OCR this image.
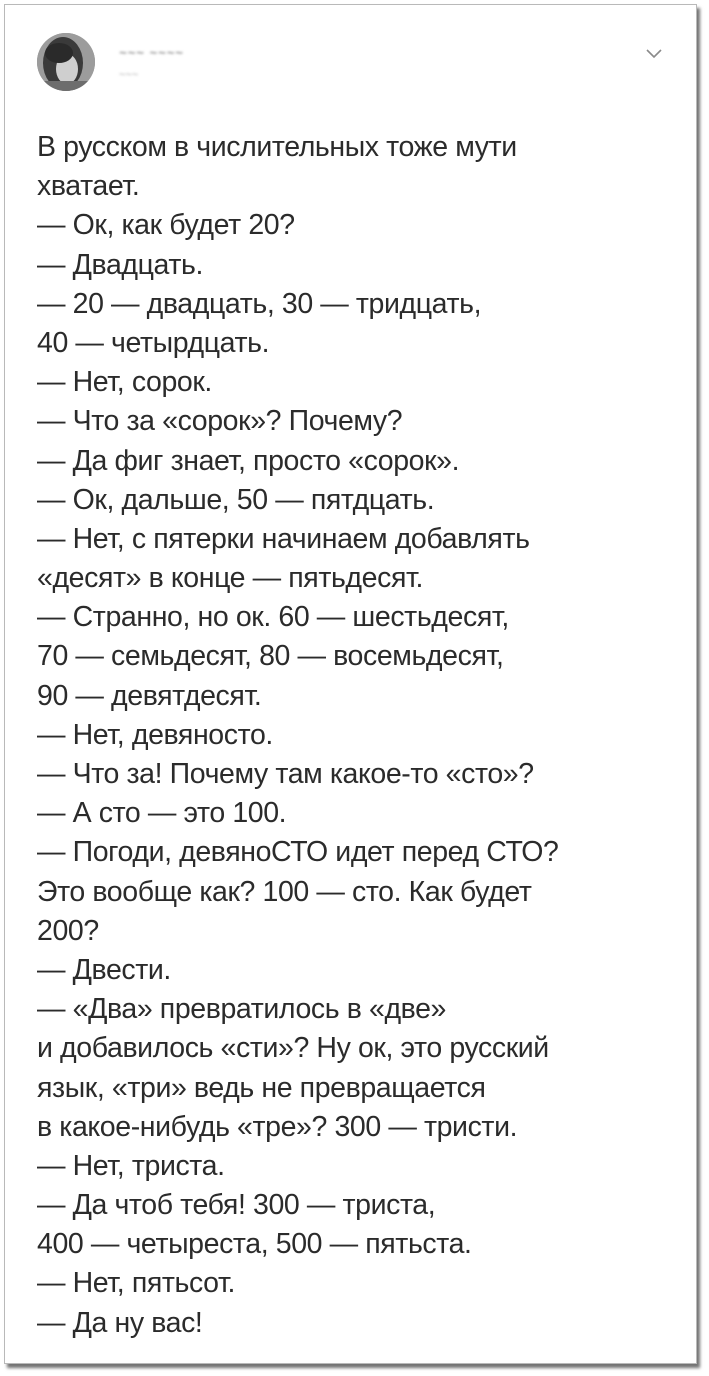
~~~ ~~~~
~~~
В русском в числительных тоже мути
хватает.
— Ок, как будет 20?
— Двадцать.
— 20 — двадцать, 30 — тридцать,
40 — четырдцать.
— Нет, сорок.
— Что за «сорок»? Почему?
— Да фиг знает, просто «сорок».
— Ок, дальше, 50 — пятдцать.
— Нет, с пятерки начинаем добавлять
«десят» в конце — пятьдесят.
— Странно, но ок. 60 — шестьдесят,
70 — семьдесят, 80 — восемьдесят,
90 — девятдесят.
— Нет, девяносто.
— Что за! Почему там какое-то «сто»?
— А сто — это 100.
— Погоди, девяноСТО идет перед СТО?
Это вообще как? 100 — сто. Как будет
200?
— Двести.
— «Два» превратилось в «две»
и добавилось «сти»? Ну ок, это русский
язык, «три» ведь не превращается
в какое-нибудь «тре»? 300 — тристи.
— Нет, триста.
— Да чтоб тебя! 300 — триста,
400 — четыреста, 500 — пятьста.
— Нет, пятьсот.
— Да ну вас!
